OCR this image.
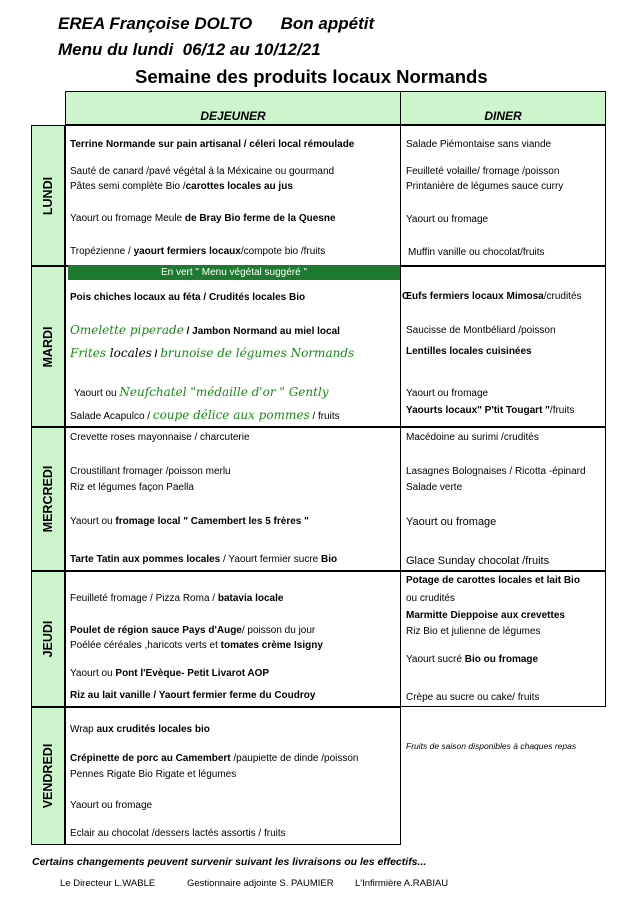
EREA Françoise DOLTO      Bon appétit
Menu du lundi  06/12 au 10/12/21
Semaine des produits locaux Normands
DEJEUNER	DINER
LUNDI
MARDI
MERCREDI
JEUDI
VENDREDI
Terrine Normande sur pain artisanal / céleri local rémoulade
Sauté de canard /pavé végétal à la Méxicaine ou gourmand
Pâtes semi complète Bio /carottes locales au jus
Yaourt ou fromage Meule de Bray Bio ferme de la Quesne
Tropézienne / yaourt fermiers locaux/compote bio /fruits
Salade Piémontaise sans viande
Feuilleté volaille/ fromage /poisson
Printanière de légumes sauce curry
Yaourt ou fromage
Muffin vanille ou chocolat/fruits
En vert " Menu végétal suggéré "
Pois chiches locaux au féta / Crudités locales Bio
Omelette piperade / Jambon Normand au miel local
Frites locales / brunoise de légumes Normands
Yaourt ou Neufchatel "médaille d'or " Gently
Salade Acapulco / coupe délice aux pommes / fruits
Œufs fermiers locaux Mimosa/crudités
Saucisse de Montbéliard /poisson
Lentilles locales cuisinées
Yaourt ou fromage
Yaourts locaux" P'tit Tougart "/fruits
Crevette roses mayonnaise / charcuterie
Croustillant fromager /poisson merlu
Riz et légumes façon Paella
Yaourt ou fromage local " Camembert les 5 frères "
Tarte Tatin aux pommes locales / Yaourt fermier sucre Bio
Macédoine au surimi /crudités
Lasagnes Bolognaises / Ricotta -épinard
Salade verte
Yaourt ou fromage
Glace Sunday chocolat /fruits
Feuilleté fromage / Pizza Roma / batavia locale
Poulet de région sauce Pays d'Auge/ poisson du jour
Poélée céréales ,haricots verts et tomates crème Isigny
Yaourt ou Pont l'Evèque- Petit Livarot AOP
Riz au lait vanille / Yaourt fermier ferme du Coudroy
Potage de carottes locales et lait Bio
ou crudités
Marmitte Dieppoise aux crevettes
Riz Bio et julienne de légumes
Yaourt sucré Bio ou fromage
Crèpe au sucre ou cake/ fruits
Wrap aux crudités locales bio
Crépinette de porc au Camembert /paupiette de dinde /poisson
Pennes Rigate Bio Rigate et légumes
Yaourt ou fromage
Eclair au chocolat /dessers lactés assortis / fruits
Fruits de saison disponibles à chaques repas
Certains changements peuvent survenir suivant les livraisons ou les effectifs...
Le Directeur L.WABLE	Gestionnaire adjointe S. PAUMIER L'Infirmière A.RABIAU
